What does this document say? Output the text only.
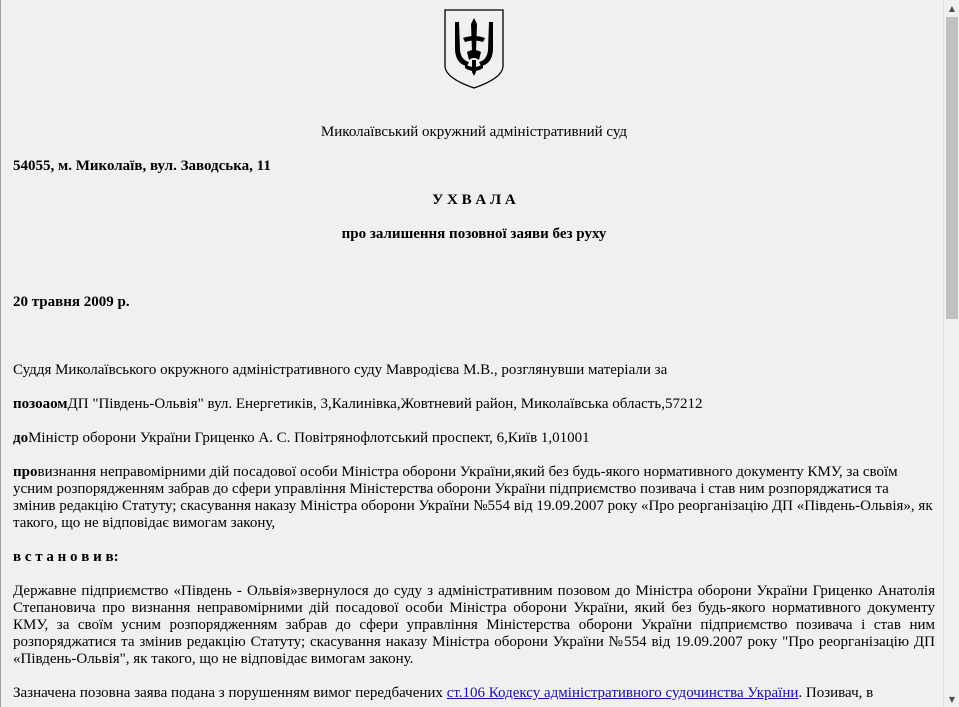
Миколаївський окружний адміністративний суд

54055, м. Миколаїв, вул. Заводська, 11

У Х В А Л А

про залишення позовної заяви без руху

20 травня 2009 р.

Суддя Миколаївського окружного адміністративного суду Мавродієва М.В., розглянувши матеріали за

позоаомДП "Південь-Ольвія" вул. Енергетиків, 3,Калинівка,Жовтневий район, Миколаївська область,57212

доМіністр оборони України Гриценко А. С. Повітрянофлотський проспект, 6,Київ 1,01001

провизнання неправомірними дій посадової особи Міністра оборони України,який без будь-якого нормативного документу КМУ, за своїм усним розпорядженням забрав до сфери управління Міністерства оборони України підприємство позивача і став ним розпоряджатися та змінив редакцію Статуту; скасування наказу Міністра оборони України №554 від 19.09.2007 року «Про реорганізацію ДП «Південь-Ольвія», як такого, що не відповідає вимогам закону,

в с т а н о в и в:

Державне підприємство «Південь - Ольвія»звернулося до суду з адміністративним позовом до Міністра оборони України Гриценко Анатолія Степановича про визнання неправомірними дій посадової особи Міністра оборони України, який без будь-якого нормативного документу КМУ, за своїм усним розпорядженням забрав до сфери управління Міністерства оборони України підприємство позивача і став ним розпоряджатися та змінив редакцію Статуту; скасування наказу Міністра оборони України №554 від 19.09.2007 року "Про реорганізацію ДП «Південь-Ольвія", як такого, що не відповідає вимогам закону.

Зазначена позовна заява подана з порушенням вимог передбачених ст.106 Кодексу адміністративного судочинства України. Позивач, в

▲
▼
